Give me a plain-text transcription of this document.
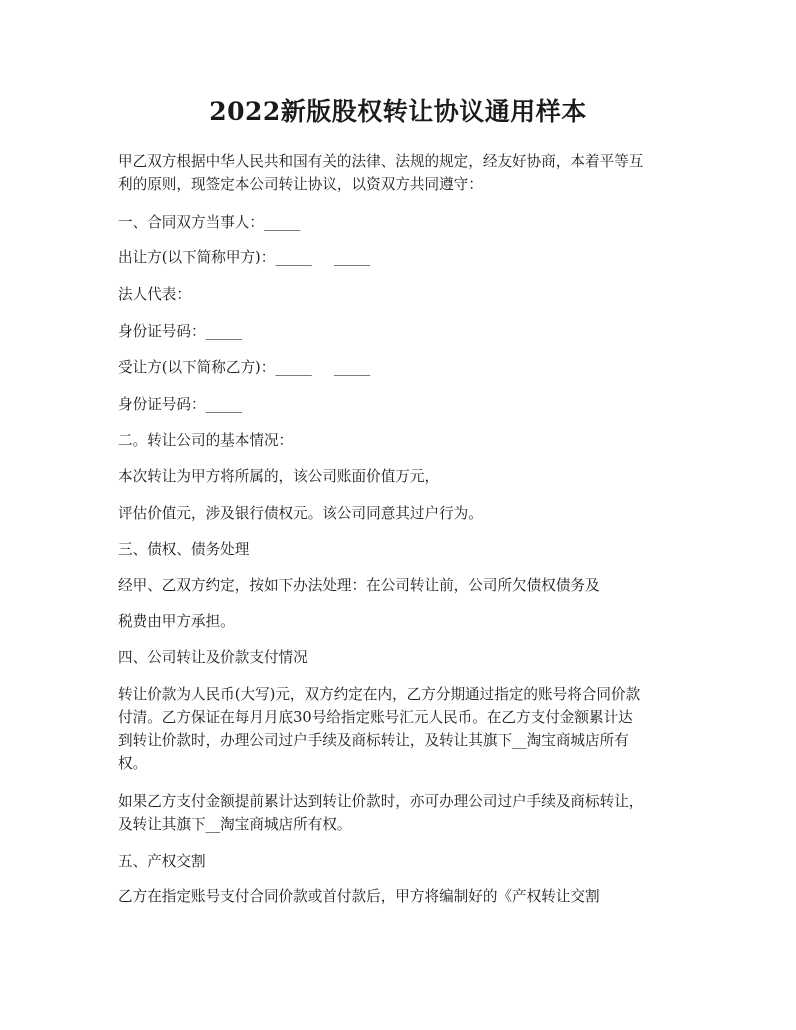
2022新版股权转让协议通用样本
甲乙双方根据中华人民共和国有关的法律、法规的规定，经友好协商，本着平等互
利的原则，现签定本公司转让协议，以资双方共同遵守：
一、合同双方当事人：_____
出让方(以下简称甲方)：_____ _____
法人代表：
身份证号码：_____
受让方(以下简称乙方)：_____ _____
身份证号码：_____
二。转让公司的基本情况：
本次转让为甲方将所属的，该公司账面价值万元，
评估价值元，涉及银行债权元。该公司同意其过户行为。
三、债权、债务处理
经甲、乙双方约定，按如下办法处理：在公司转让前，公司所欠债权债务及
税费由甲方承担。
四、公司转让及价款支付情况
转让价款为人民币(大写)元，双方约定在内，乙方分期通过指定的账号将合同价款
付清。乙方保证在每月月底30号给指定账号汇元人民币。在乙方支付金额累计达
到转让价款时，办理公司过户手续及商标转让，及转让其旗下__淘宝商城店所有
权。
如果乙方支付金额提前累计达到转让价款时，亦可办理公司过户手续及商标转让，
及转让其旗下__淘宝商城店所有权。
五、产权交割
乙方在指定账号支付合同价款或首付款后，甲方将编制好的《产权转让交割
